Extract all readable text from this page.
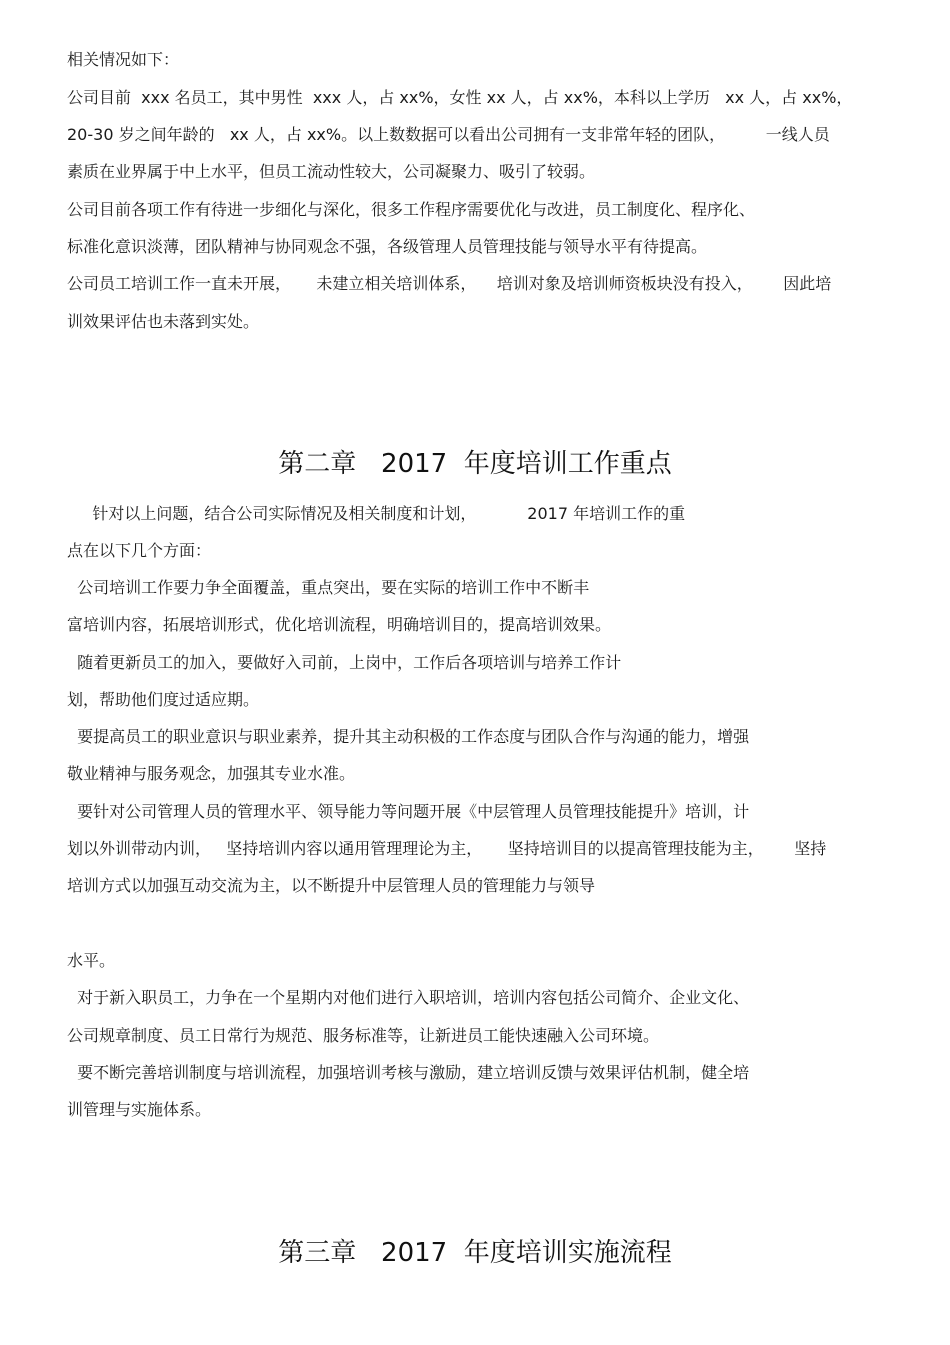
相关情况如下：
公司目前  xxx 名员工，其中男性  xxx 人，占 xx%，女性 xx 人，占 xx%，本科以上学历   xx 人，占 xx%，
20-30 岁之间年龄的   xx 人，占 xx%。以上数数据可以看出公司拥有一支非常年轻的团队，        一线人员
素质在业界属于中上水平，但员工流动性较大，公司凝聚力、吸引了较弱。
公司目前各项工作有待进一步细化与深化，很多工作程序需要优化与改进，员工制度化、程序化、
标准化意识淡薄，团队精神与协同观念不强，各级管理人员管理技能与领导水平有待提高。
公司员工培训工作一直未开展，     未建立相关培训体系，    培训对象及培训师资板块没有投入，      因此培
训效果评估也未落到实处。
第二章   2017  年度培训工作重点
针对以上问题，结合公司实际情况及相关制度和计划，          2017 年培训工作的重
点在以下几个方面：
公司培训工作要力争全面覆盖，重点突出，要在实际的培训工作中不断丰
富培训内容，拓展培训形式，优化培训流程，明确培训目的，提高培训效果。
随着更新员工的加入，要做好入司前，上岗中，工作后各项培训与培养工作计
划，帮助他们度过适应期。
要提高员工的职业意识与职业素养，提升其主动积极的工作态度与团队合作与沟通的能力，增强
敬业精神与服务观念，加强其专业水准。
要针对公司管理人员的管理水平、领导能力等问题开展《中层管理人员管理技能提升》培训，计
划以外训带动内训，   坚持培训内容以通用管理理论为主，     坚持培训目的以提高管理技能为主，      坚持
培训方式以加强互动交流为主，以不断提升中层管理人员的管理能力与领导
水平。
对于新入职员工，力争在一个星期内对他们进行入职培训，培训内容包括公司简介、企业文化、
公司规章制度、员工日常行为规范、服务标准等，让新进员工能快速融入公司环境。
要不断完善培训制度与培训流程，加强培训考核与激励，建立培训反馈与效果评估机制，健全培
训管理与实施体系。
第三章   2017  年度培训实施流程
